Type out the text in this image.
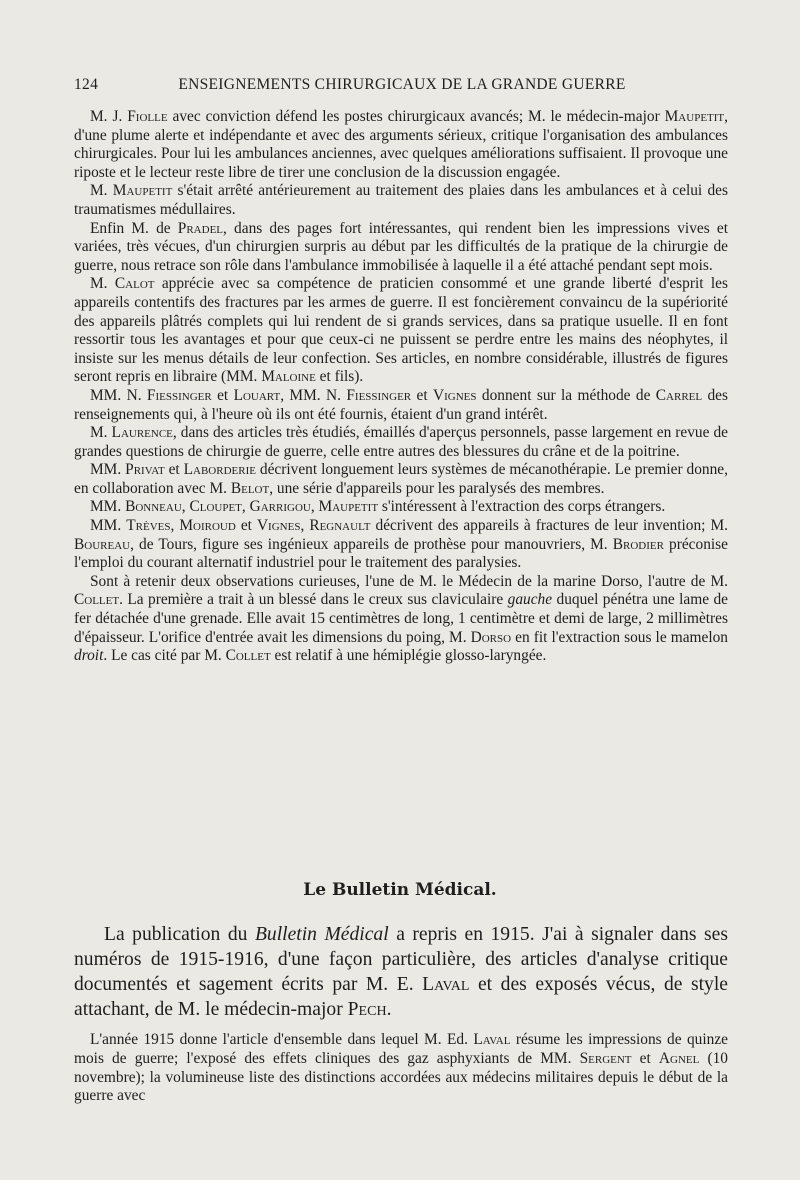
124	ENSEIGNEMENTS CHIRURGICAUX DE LA GRANDE GUERRE

M. J. Fiolle avec conviction défend les postes chirurgicaux avancés; M. le médecin-major Maupetit, d'une plume alerte et indépendante et avec des arguments sérieux, critique l'organisation des ambulances chirurgicales. Pour lui les ambulances anciennes, avec quelques améliorations suffisaient. Il provoque une riposte et le lecteur reste libre de tirer une conclusion de la discussion engagée.

M. Maupetit s'était arrêté antérieurement au traitement des plaies dans les ambulances et à celui des traumatismes médullaires.

Enfin M. de Pradel, dans des pages fort intéressantes, qui rendent bien les impressions vives et variées, très vécues, d'un chirurgien surpris au début par les difficultés de la pratique de la chirurgie de guerre, nous retrace son rôle dans l'ambulance immobilisée à laquelle il a été attaché pendant sept mois.

M. Calot apprécie avec sa compétence de praticien consommé et une grande liberté d'esprit les appareils contentifs des fractures par les armes de guerre. Il est foncièrement convaincu de la supériorité des appareils plâtrés complets qui lui rendent de si grands services, dans sa pratique usuelle. Il en font ressortir tous les avantages et pour que ceux-ci ne puissent se perdre entre les mains des néophytes, il insiste sur les menus détails de leur confection. Ses articles, en nombre considérable, illustrés de figures seront repris en libraire (MM. Maloine et fils).

MM. N. Fiessinger et Louart, MM. N. Fiessinger et Vignes donnent sur la méthode de Carrel des renseignements qui, à l'heure où ils ont été fournis, étaient d'un grand intérêt.

M. Laurence, dans des articles très étudiés, émaillés d'aperçus personnels, passe largement en revue de grandes questions de chirurgie de guerre, celle entre autres des blessures du crâne et de la poitrine.

MM. Privat et Laborderie décrivent longuement leurs systèmes de mécanothérapie. Le premier donne, en collaboration avec M. Belot, une série d'appareils pour les paralysés des membres.

MM. Bonneau, Cloupet, Garrigou, Maupetit s'intéressent à l'extraction des corps étrangers.

MM. Trèves, Moiroud et Vignes, Regnault décrivent des appareils à fractures de leur invention; M. Boureau, de Tours, figure ses ingénieux appareils de prothèse pour manouvriers, M. Brodier préconise l'emploi du courant alternatif industriel pour le traitement des paralysies.

Sont à retenir deux observations curieuses, l'une de M. le Médecin de la marine Dorso, l'autre de M. Collet. La première a trait à un blessé dans le creux sus claviculaire gauche duquel pénétra une lame de fer détachée d'une grenade. Elle avait 15 centimètres de long, 1 centimètre et demi de large, 2 millimètres d'épaisseur. L'orifice d'entrée avait les dimensions du poing, M. Dorso en fit l'extraction sous le mamelon droit. Le cas cité par M. Collet est relatif à une hémiplégie glosso-laryngée.

Le Bulletin Médical.

La publication du Bulletin Médical a repris en 1915. J'ai à signaler dans ses numéros de 1915-1916, d'une façon particulière, des articles d'analyse critique documentés et sagement écrits par M. E. Laval et des exposés vécus, de style attachant, de M. le médecin-major Pech.

L'année 1915 donne l'article d'ensemble dans lequel M. Ed. Laval résume les impressions de quinze mois de guerre; l'exposé des effets cliniques des gaz asphyxiants de MM. Sergent et Agnel (10 novembre); la volumineuse liste des distinctions accordées aux médecins militaires depuis le début de la guerre avec
